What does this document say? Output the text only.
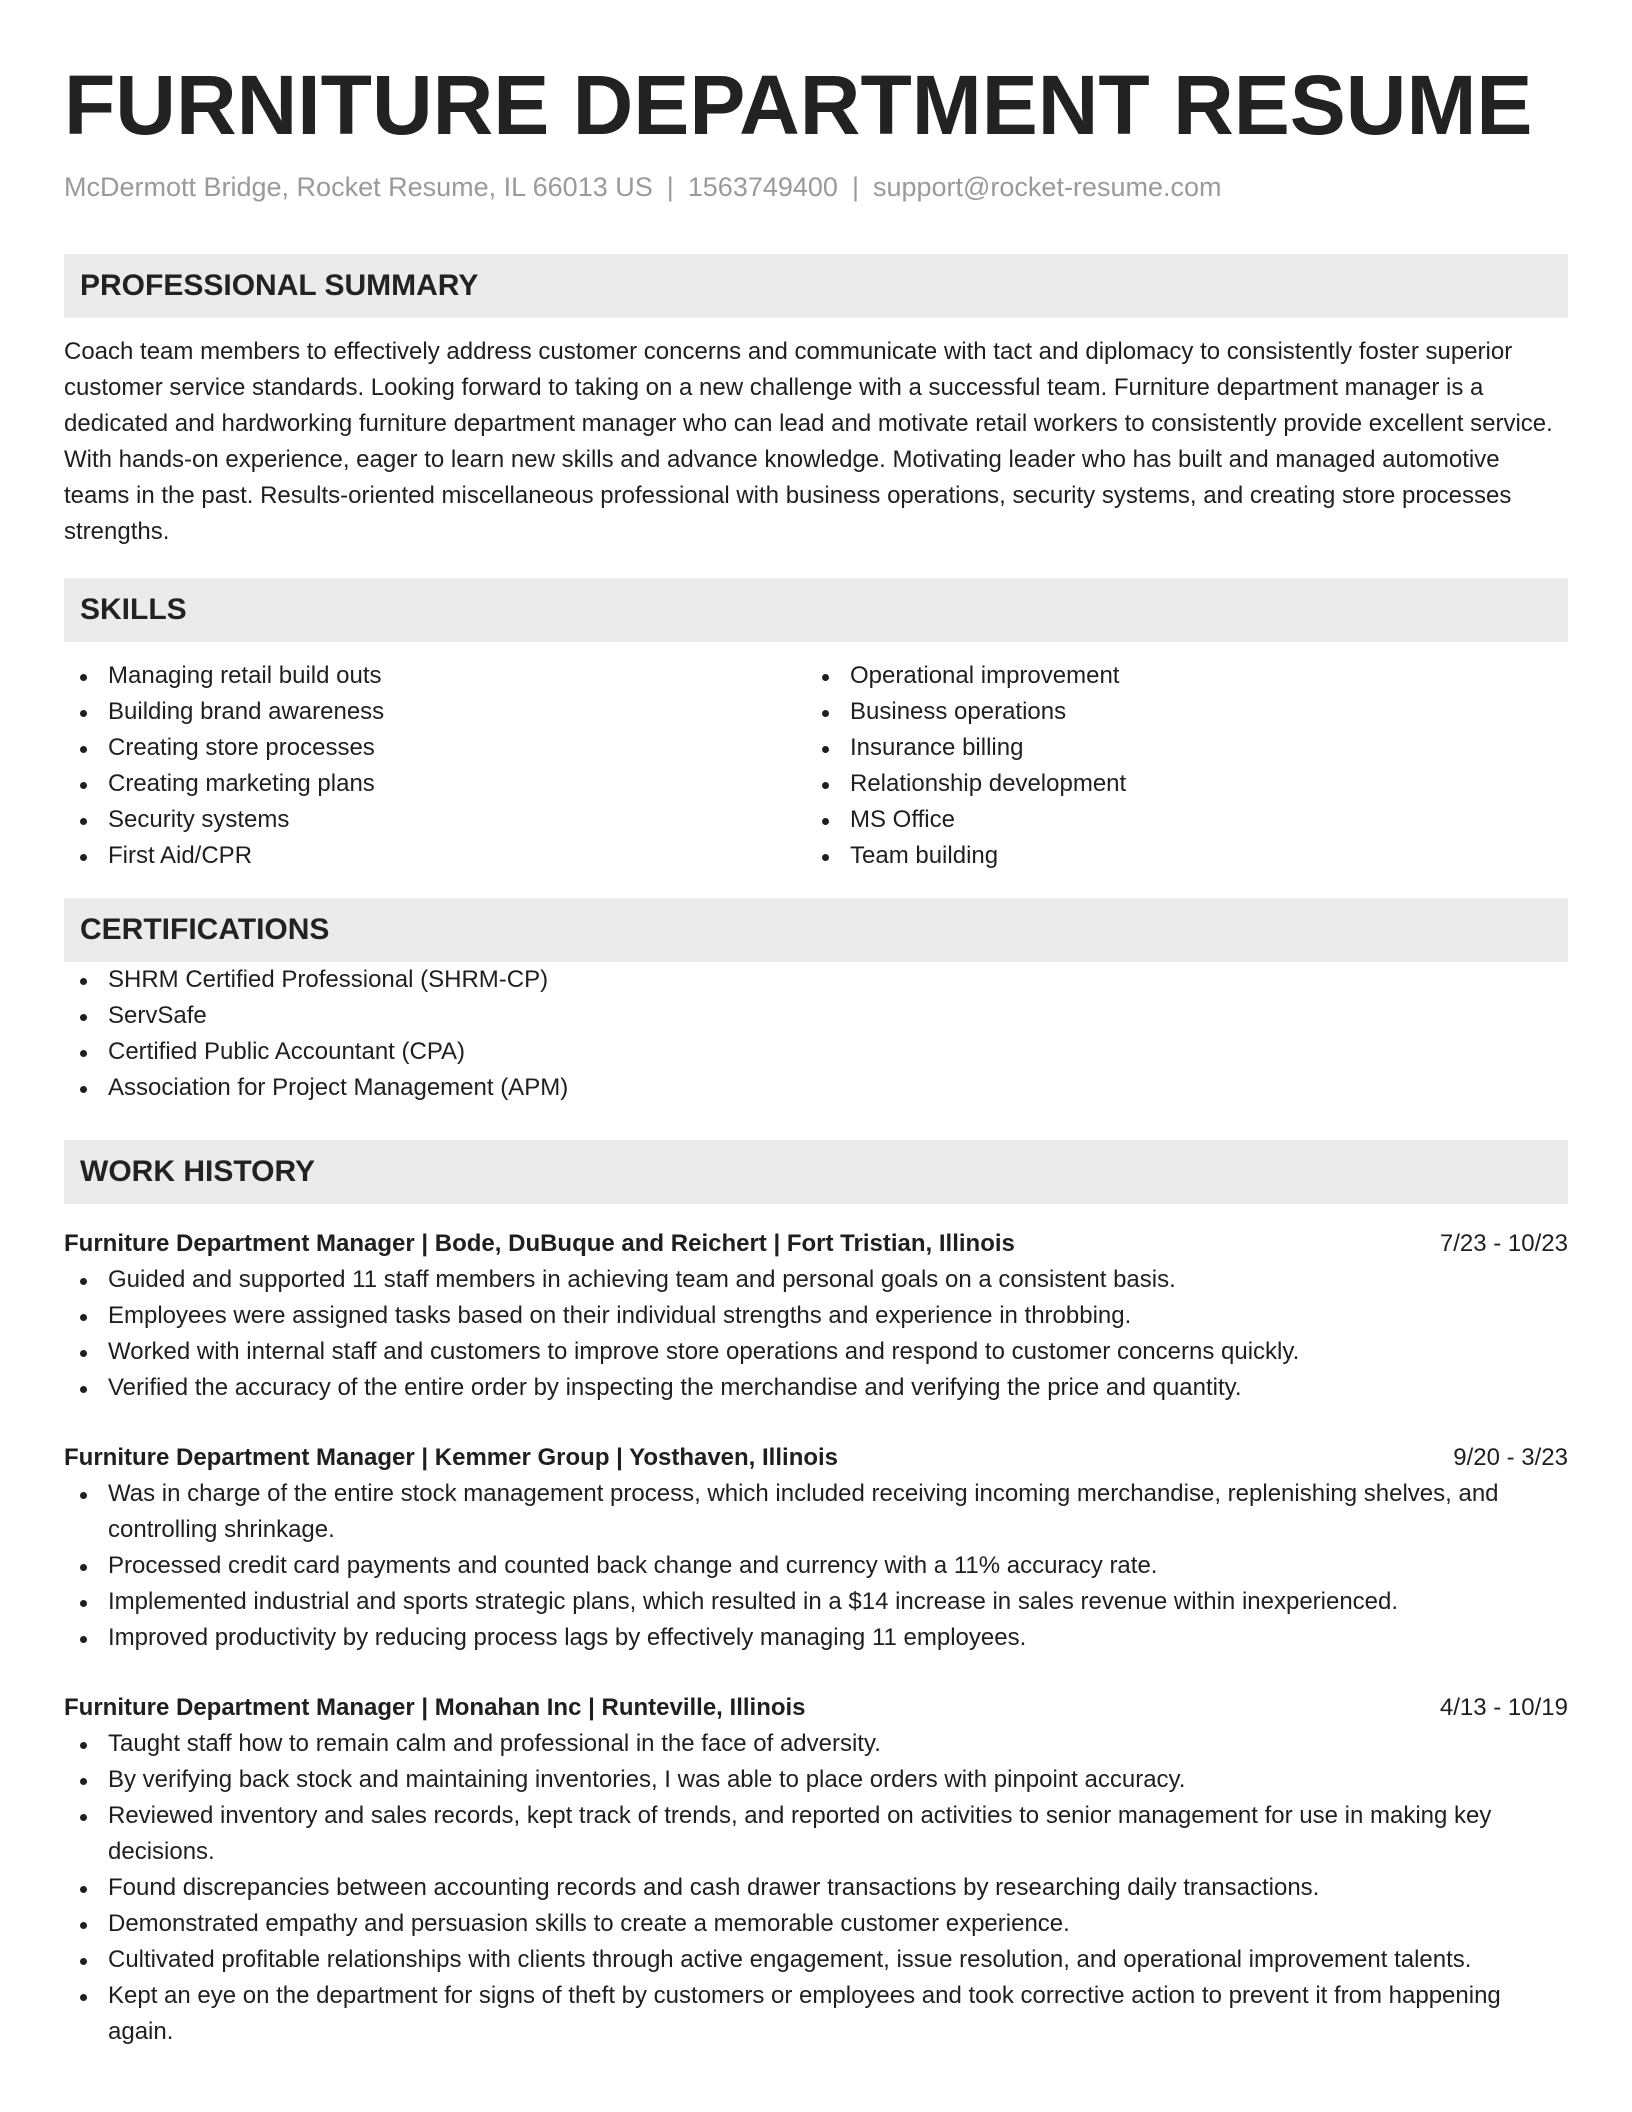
FURNITURE DEPARTMENT RESUME
McDermott Bridge, Rocket Resume, IL 66013 US | 1563749400 | support@rocket-resume.com
PROFESSIONAL SUMMARY

Coach team members to effectively address customer concerns and communicate with tact and diplomacy to consistently foster superior customer service standards. Looking forward to taking on a new challenge with a successful team. Furniture department manager is a dedicated and hardworking furniture department manager who can lead and motivate retail workers to consistently provide excellent service. With hands-on experience, eager to learn new skills and advance knowledge. Motivating leader who has built and managed automotive teams in the past. Results-oriented miscellaneous professional with business operations, security systems, and creating store processes strengths.

SKILLS
Managing retail build outs
Building brand awareness
Creating store processes
Creating marketing plans
Security systems
First Aid/CPR
Operational improvement
Business operations
Insurance billing
Relationship development
MS Office
Team building
CERTIFICATIONS
SHRM Certified Professional (SHRM-CP)
ServSafe
Certified Public Accountant (CPA)
Association for Project Management (APM)
WORK HISTORY
Furniture Department Manager | Bode, DuBuque and Reichert | Fort Tristian, Illinois	7/23 - 10/23
Guided and supported 11 staff members in achieving team and personal goals on a consistent basis.
Employees were assigned tasks based on their individual strengths and experience in throbbing.
Worked with internal staff and customers to improve store operations and respond to customer concerns quickly.
Verified the accuracy of the entire order by inspecting the merchandise and verifying the price and quantity.
Furniture Department Manager | Kemmer Group | Yosthaven, Illinois	9/20 - 3/23
Was in charge of the entire stock management process, which included receiving incoming merchandise, replenishing shelves, and controlling shrinkage.
Processed credit card payments and counted back change and currency with a 11% accuracy rate.
Implemented industrial and sports strategic plans, which resulted in a $14 increase in sales revenue within inexperienced.
Improved productivity by reducing process lags by effectively managing 11 employees.
Furniture Department Manager | Monahan Inc | Runteville, Illinois	4/13 - 10/19
Taught staff how to remain calm and professional in the face of adversity.
By verifying back stock and maintaining inventories, I was able to place orders with pinpoint accuracy.
Reviewed inventory and sales records, kept track of trends, and reported on activities to senior management for use in making key decisions.
Found discrepancies between accounting records and cash drawer transactions by researching daily transactions.
Demonstrated empathy and persuasion skills to create a memorable customer experience.
Cultivated profitable relationships with clients through active engagement, issue resolution, and operational improvement talents.
Kept an eye on the department for signs of theft by customers or employees and took corrective action to prevent it from happening again.
